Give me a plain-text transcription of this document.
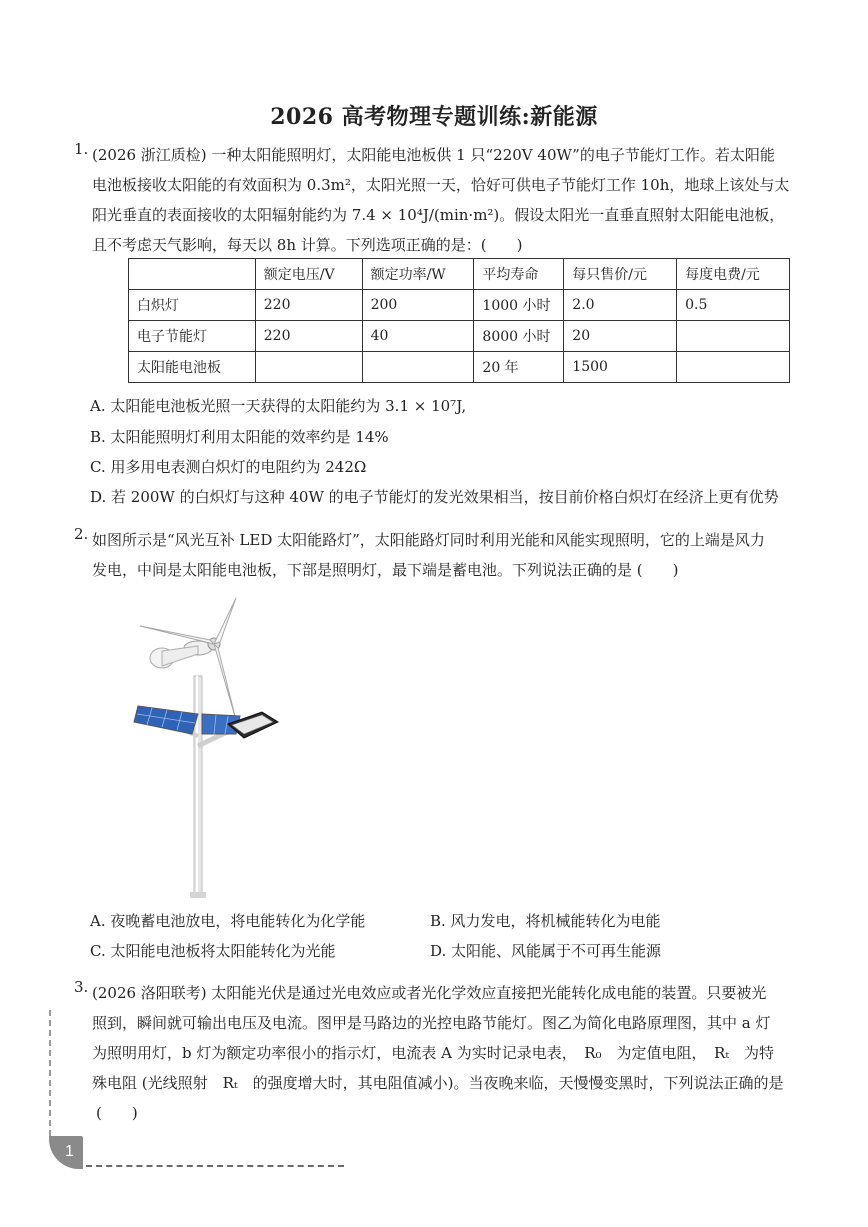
2026 高考物理专题训练:新能源
1. (2026 浙江质检) 一种太阳能照明灯，太阳能电池板供 1 只“220V 40W”的电子节能灯工作。若太阳能
电池板接收太阳能的有效面积为 0.3m²，太阳光照一天，恰好可供电子节能灯工作 10h，地球上该处与太
阳光垂直的表面接收的太阳辐射能约为 7.4 × 10⁴J/(min·m²)。假设太阳光一直垂直照射太阳能电池板，
且不考虑天气影响，每天以 8h 计算。下列选项正确的是：(　　)
	额定电压/V	额定功率/W	平均寿命	每只售价/元	每度电费/元
白炽灯	220	200	1000 小时	2.0	0.5
电子节能灯	220	40	8000 小时	20	
太阳能电池板			20 年	1500	
A. 太阳能电池板光照一天获得的太阳能约为 3.1 × 10⁷J,
B. 太阳能照明灯利用太阳能的效率约是 14%
C. 用多用电表测白炽灯的电阻约为 242Ω
D. 若 200W 的白炽灯与这种 40W 的电子节能灯的发光效果相当，按目前价格白炽灯在经济上更有优势
2. 如图所示是“风光互补 LED 太阳能路灯”，太阳能路灯同时利用光能和风能实现照明，它的上端是风力
发电，中间是太阳能电池板，下部是照明灯，最下端是蓄电池。下列说法正确的是 (　　)
A. 夜晚蓄电池放电，将电能转化为化学能	B. 风力发电，将机械能转化为电能
C. 太阳能电池板将太阳能转化为光能	D. 太阳能、风能属于不可再生能源
3. (2026 洛阳联考) 太阳能光伏是通过光电效应或者光化学效应直接把光能转化成电能的装置。只要被光
照到，瞬间就可输出电压及电流。图甲是马路边的光控电路节能灯。图乙为简化电路原理图，其中 a 灯
为照明用灯，b 灯为额定功率很小的指示灯，电流表 A 为实时记录电表，　R₀　为定值电阻，　Rₜ　为特
殊电阻 (光线照射　Rₜ　的强度增大时，其电阻值减小)。当夜晚来临，天慢慢变黑时，下列说法正确的是
(　　)
1
